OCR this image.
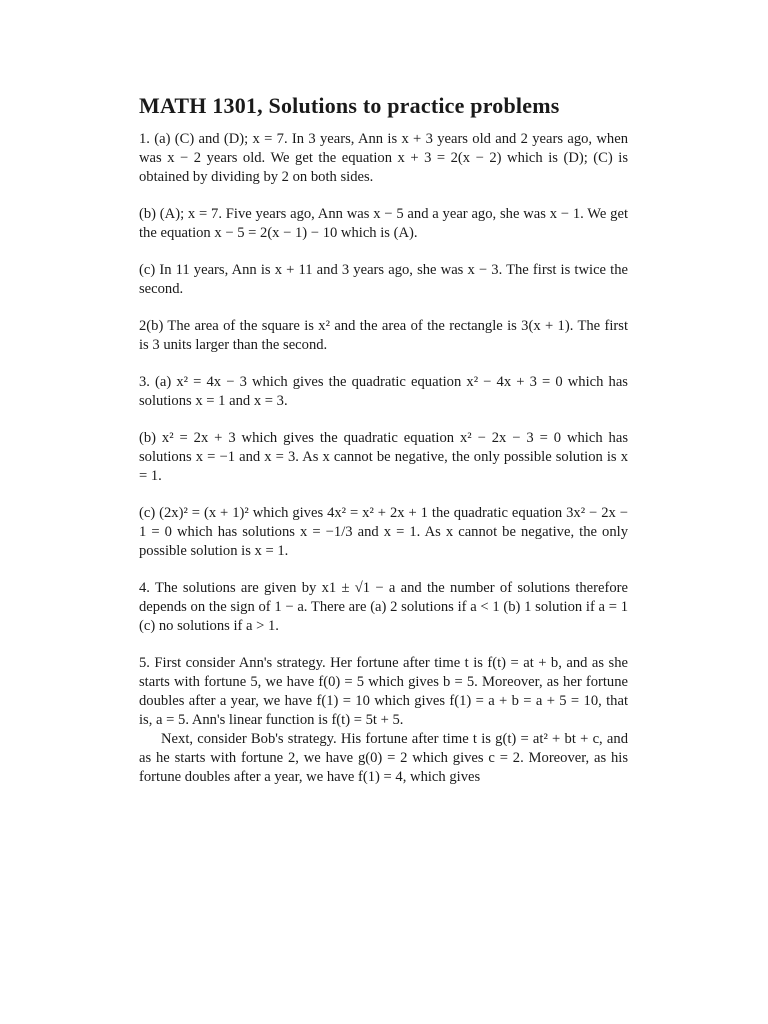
MATH 1301, Solutions to practice problems

1. (a) (C) and (D); x = 7. In 3 years, Ann is x + 3 years old and 2 years ago, when was x − 2 years old. We get the equation x + 3 = 2(x − 2) which is (D); (C) is obtained by dividing by 2 on both sides.

(b) (A); x = 7. Five years ago, Ann was x − 5 and a year ago, she was x − 1. We get the equation x − 5 = 2(x − 1) − 10 which is (A).

(c) In 11 years, Ann is x + 11 and 3 years ago, she was x − 3. The first is twice the second.

2(b) The area of the square is x² and the area of the rectangle is 3(x + 1). The first is 3 units larger than the second.

3. (a) x² = 4x − 3 which gives the quadratic equation x² − 4x + 3 = 0 which has solutions x = 1 and x = 3.

(b) x² = 2x + 3 which gives the quadratic equation x² − 2x − 3 = 0 which has solutions x = −1 and x = 3. As x cannot be negative, the only possible solution is x = 1.

(c) (2x)² = (x + 1)² which gives 4x² = x² + 2x + 1 the quadratic equation 3x² − 2x − 1 = 0 which has solutions x = −1/3 and x = 1. As x cannot be negative, the only possible solution is x = 1.

4. The solutions are given by x1 ± √1 − a and the number of solutions therefore depends on the sign of 1 − a. There are (a) 2 solutions if a < 1 (b) 1 solution if a = 1 (c) no solutions if a > 1.

5. First consider Ann's strategy. Her fortune after time t is f(t) = at + b, and as she starts with fortune 5, we have f(0) = 5 which gives b = 5. Moreover, as her fortune doubles after a year, we have f(1) = 10 which gives f(1) = a + b = a + 5 = 10, that is, a = 5. Ann's linear function is f(t) = 5t + 5.

Next, consider Bob's strategy. His fortune after time t is g(t) = at² + bt + c, and as he starts with fortune 2, we have g(0) = 2 which gives c = 2. Moreover, as his fortune doubles after a year, we have f(1) = 4, which gives
